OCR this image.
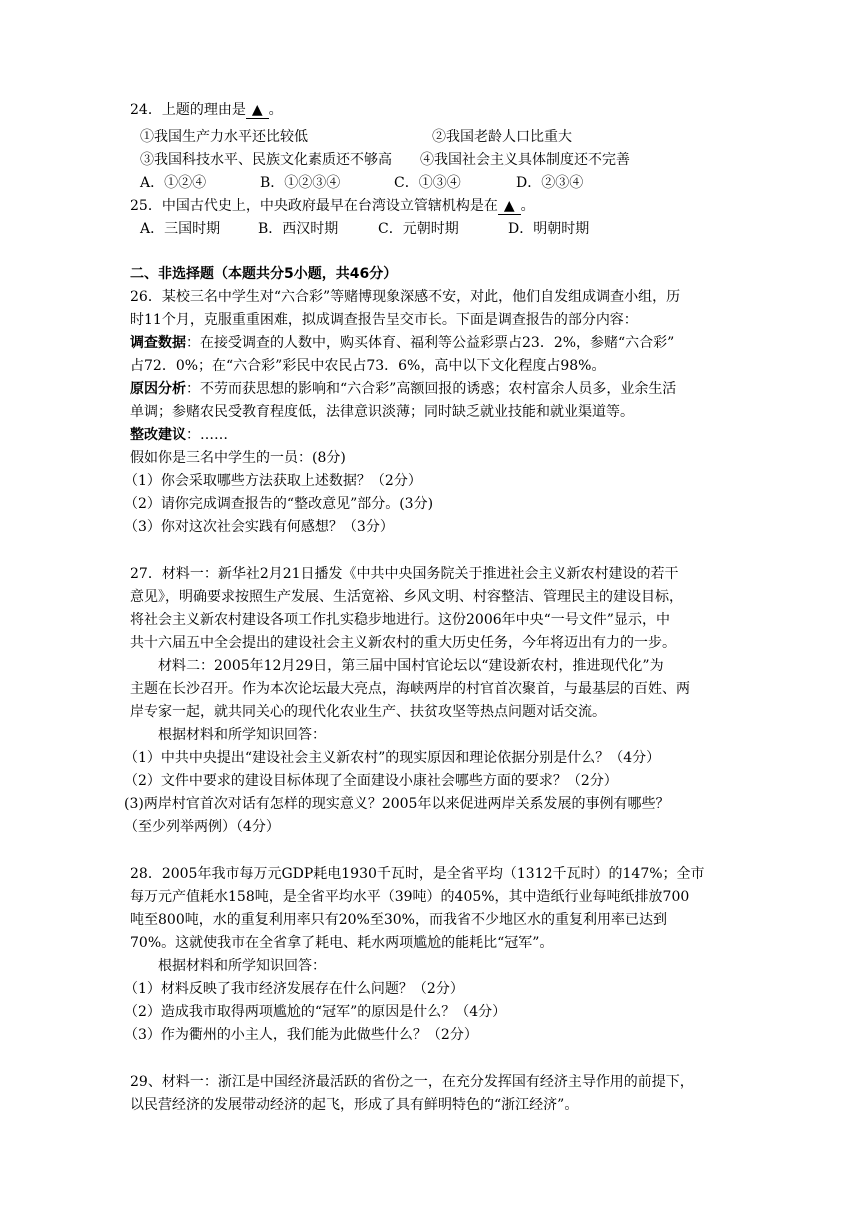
24．上题的理由是 ▲ 。
①我国生产力水平还比较低	②我国老龄人口比重大
③我国科技水平、民族文化素质还不够高 ④我国社会主义具体制度还不完善
A．①②④	B．①②③④	C．①③④	D．②③④
25．中国古代史上，中央政府最早在台湾设立管辖机构是在 ▲ 。
A．三国时期	B．西汉时期	C．元朝时期	D．明朝时期
二、非选择题（本题共分5小题，共46分）
26．某校三名中学生对“六合彩”等赌博现象深感不安，对此，他们自发组成调查小组，历
时11个月，克服重重困难，拟成调查报告呈交市长。下面是调查报告的部分内容：
调查数据：在接受调查的人数中，购买体育、福利等公益彩票占23．2%，参赌“六合彩”
占72．0%；在“六合彩”彩民中农民占73．6%，高中以下文化程度占98%。
原因分析：不劳而获思想的影响和“六合彩”高额回报的诱惑；农村富余人员多，业余生活
单调；参赌农民受教育程度低，法律意识淡薄；同时缺乏就业技能和就业渠道等。
整改建议：……
假如你是三名中学生的一员：(8分)
（1）你会采取哪些方法获取上述数据？（2分）
（2）请你完成调查报告的“整改意见”部分。(3分)
（3）你对这次社会实践有何感想？（3分）
27．材料一：新华社2月21日播发《中共中央国务院关于推进社会主义新农村建设的若干
意见》，明确要求按照生产发展、生活宽裕、乡风文明、村容整洁、管理民主的建设目标，
将社会主义新农村建设各项工作扎实稳步地进行。这份2006年中央“一号文件”显示，中
共十六届五中全会提出的建设社会主义新农村的重大历史任务，今年将迈出有力的一步。
材料二：2005年12月29日，第三届中国村官论坛以“建设新农村，推进现代化”为
主题在长沙召开。作为本次论坛最大亮点，海峡两岸的村官首次聚首，与最基层的百姓、两
岸专家一起，就共同关心的现代化农业生产、扶贫攻坚等热点问题对话交流。
根据材料和所学知识回答：
（1）中共中央提出“建设社会主义新农村”的现实原因和理论依据分别是什么？（4分）
（2）文件中要求的建设目标体现了全面建设小康社会哪些方面的要求？（2分）
(3)两岸村官首次对话有怎样的现实意义？2005年以来促进两岸关系发展的事例有哪些？
（至少列举两例）（4分）
28．2005年我市每万元GDP耗电1930千瓦时，是全省平均（1312千瓦时）的147%；全市
每万元产值耗水158吨，是全省平均水平（39吨）的405%，其中造纸行业每吨纸排放700
吨至800吨，水的重复利用率只有20%至30%，而我省不少地区水的重复利用率已达到
70%。这就使我市在全省拿了耗电、耗水两项尴尬的能耗比“冠军”。
根据材料和所学知识回答：
（1）材料反映了我市经济发展存在什么问题？（2分）
（2）造成我市取得两项尴尬的“冠军”的原因是什么？（4分）
（3）作为衢州的小主人，我们能为此做些什么？（2分）
29、材料一：浙江是中国经济最活跃的省份之一，在充分发挥国有经济主导作用的前提下，
以民营经济的发展带动经济的起飞，形成了具有鲜明特色的“浙江经济”。
